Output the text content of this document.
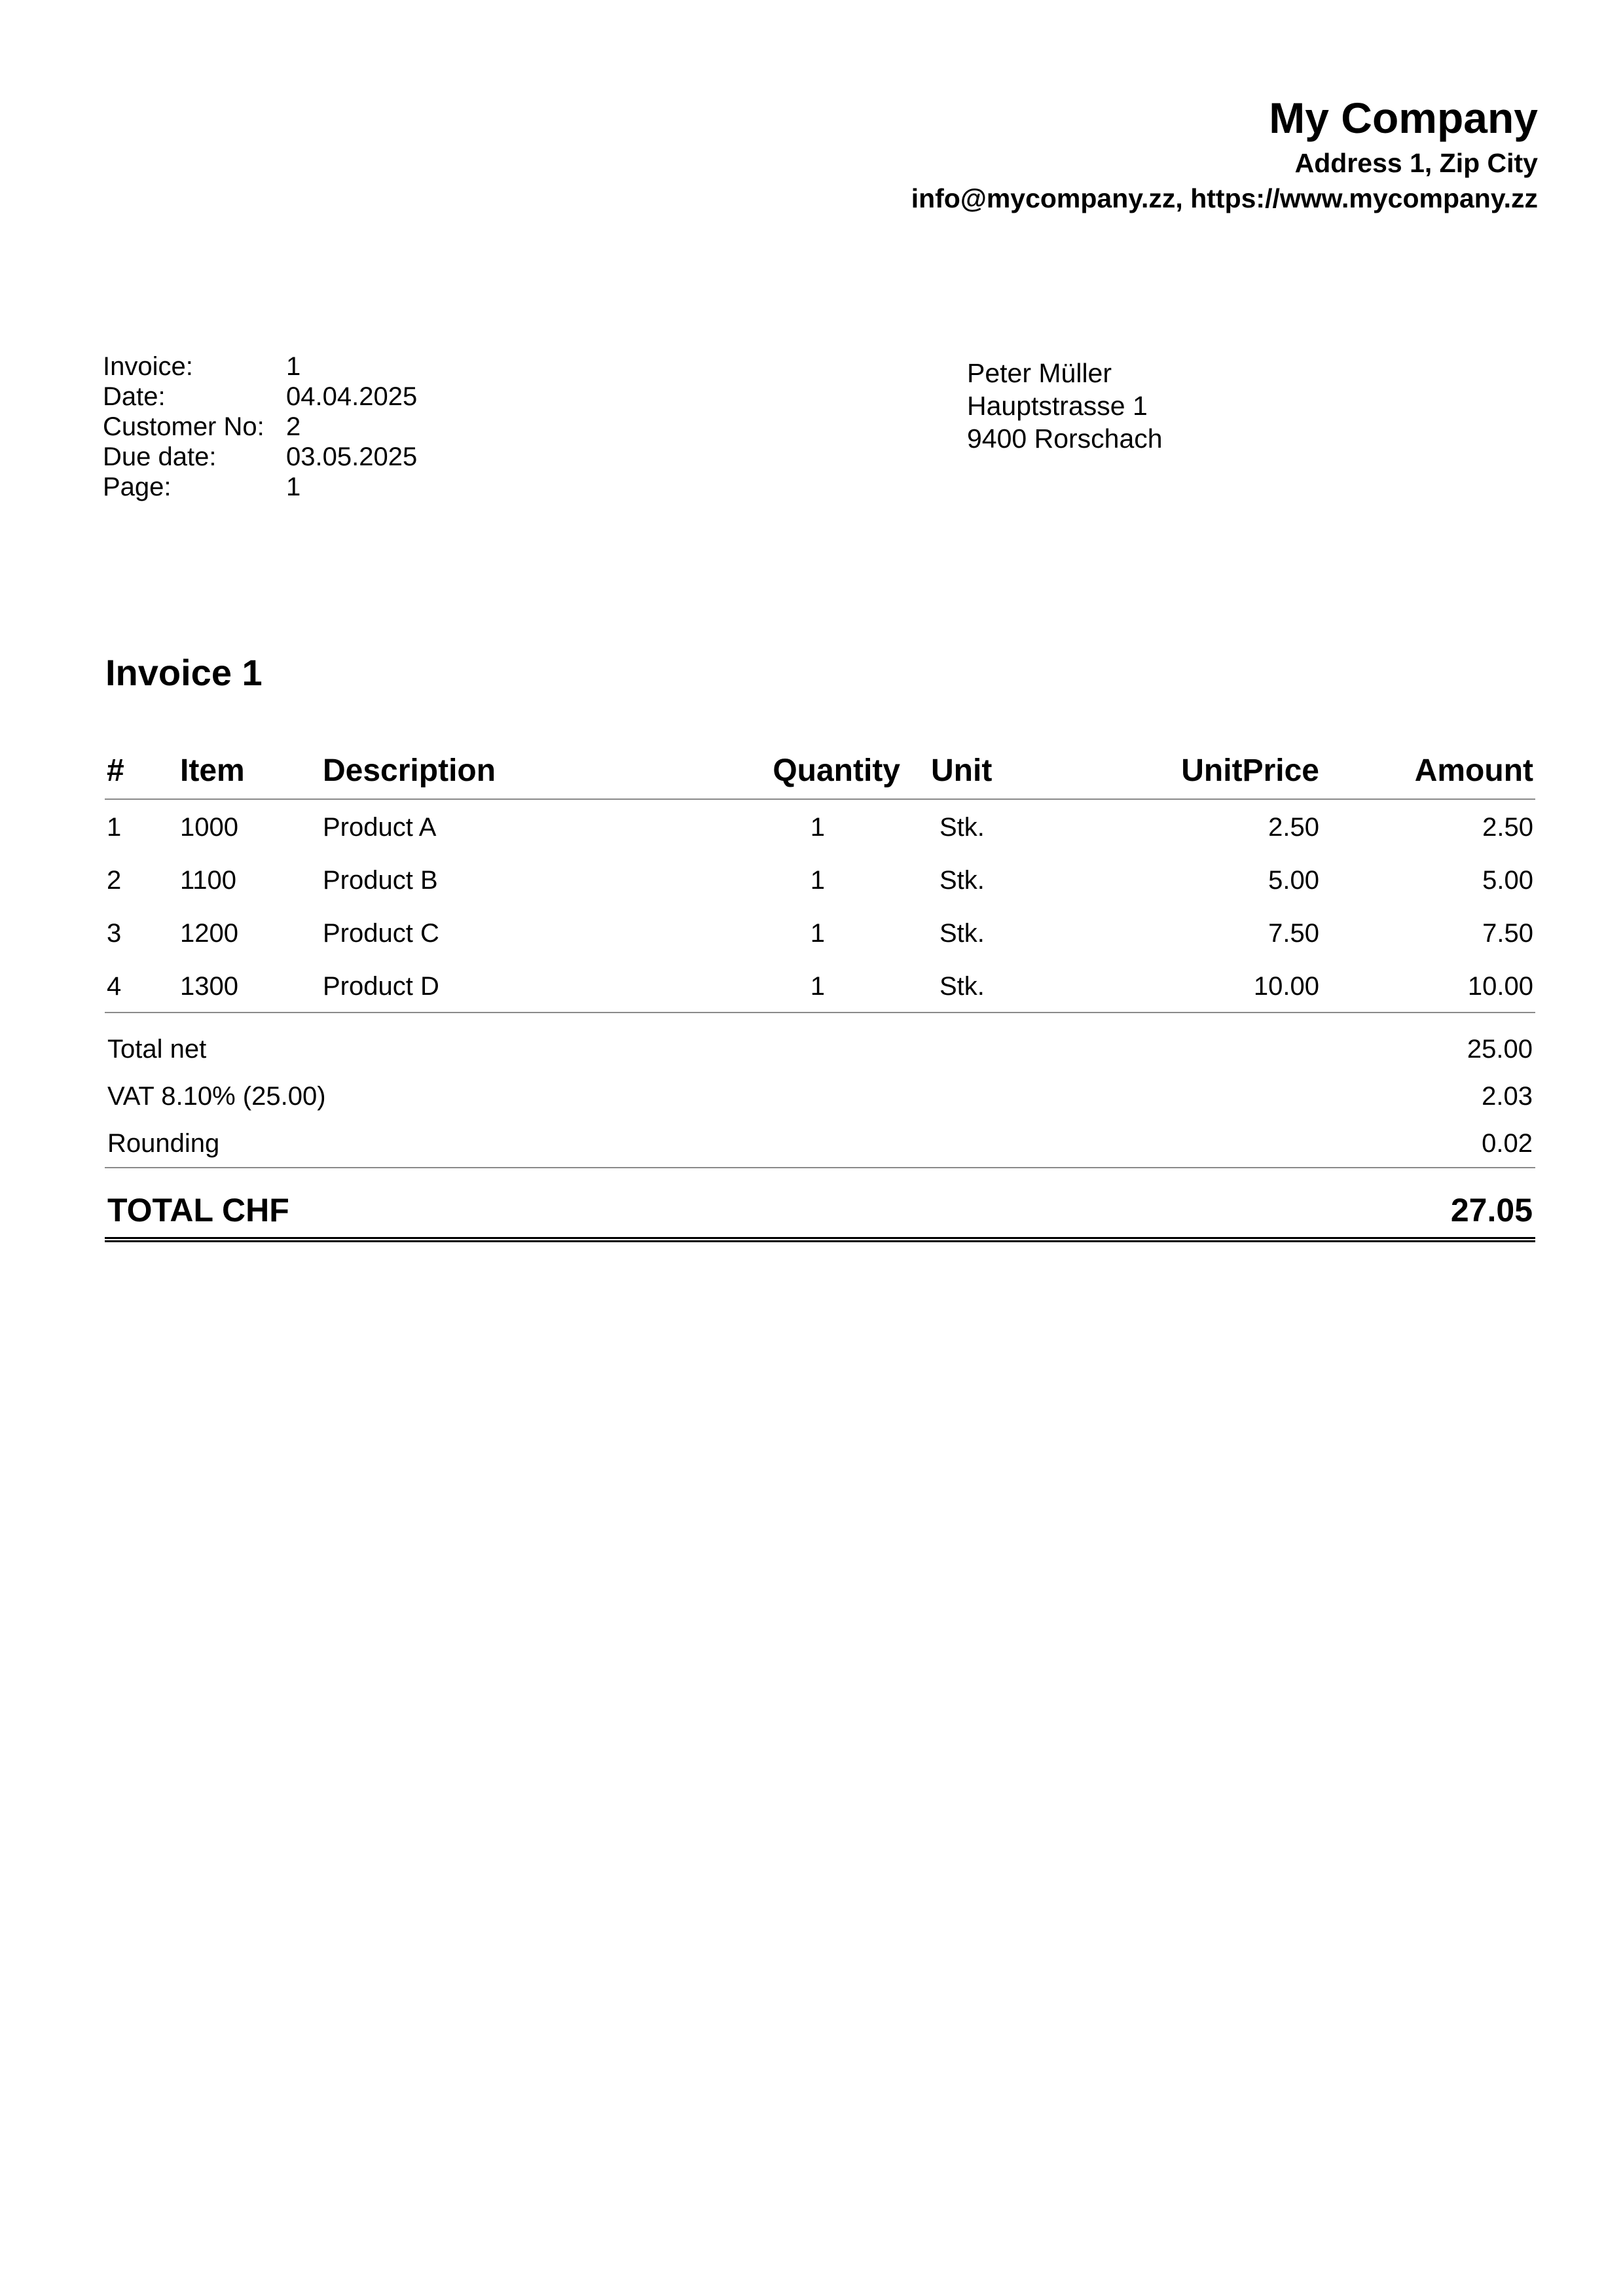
My Company
Address 1, Zip City
info@mycompany.zz, https://www.mycompany.zz
Invoice:	1
Date:	04.04.2025
Customer No: 2
Due date:	03.05.2025
Page:	1
Peter Müller
Hauptstrasse 1
9400 Rorschach
Invoice 1
# Item Description	Quantity Unit	UnitPrice	Amount
1 1000	Product A	1	Stk.	2.50	2.50
2 1100	Product B	1	Stk.	5.00	5.00
3 1200	Product C	1	Stk.	7.50	7.50
4 1300	Product D	1	Stk.	10.00	10.00
Total net	25.00
VAT 8.10% (25.00)	2.03
Rounding	0.02
TOTAL CHF	27.05
